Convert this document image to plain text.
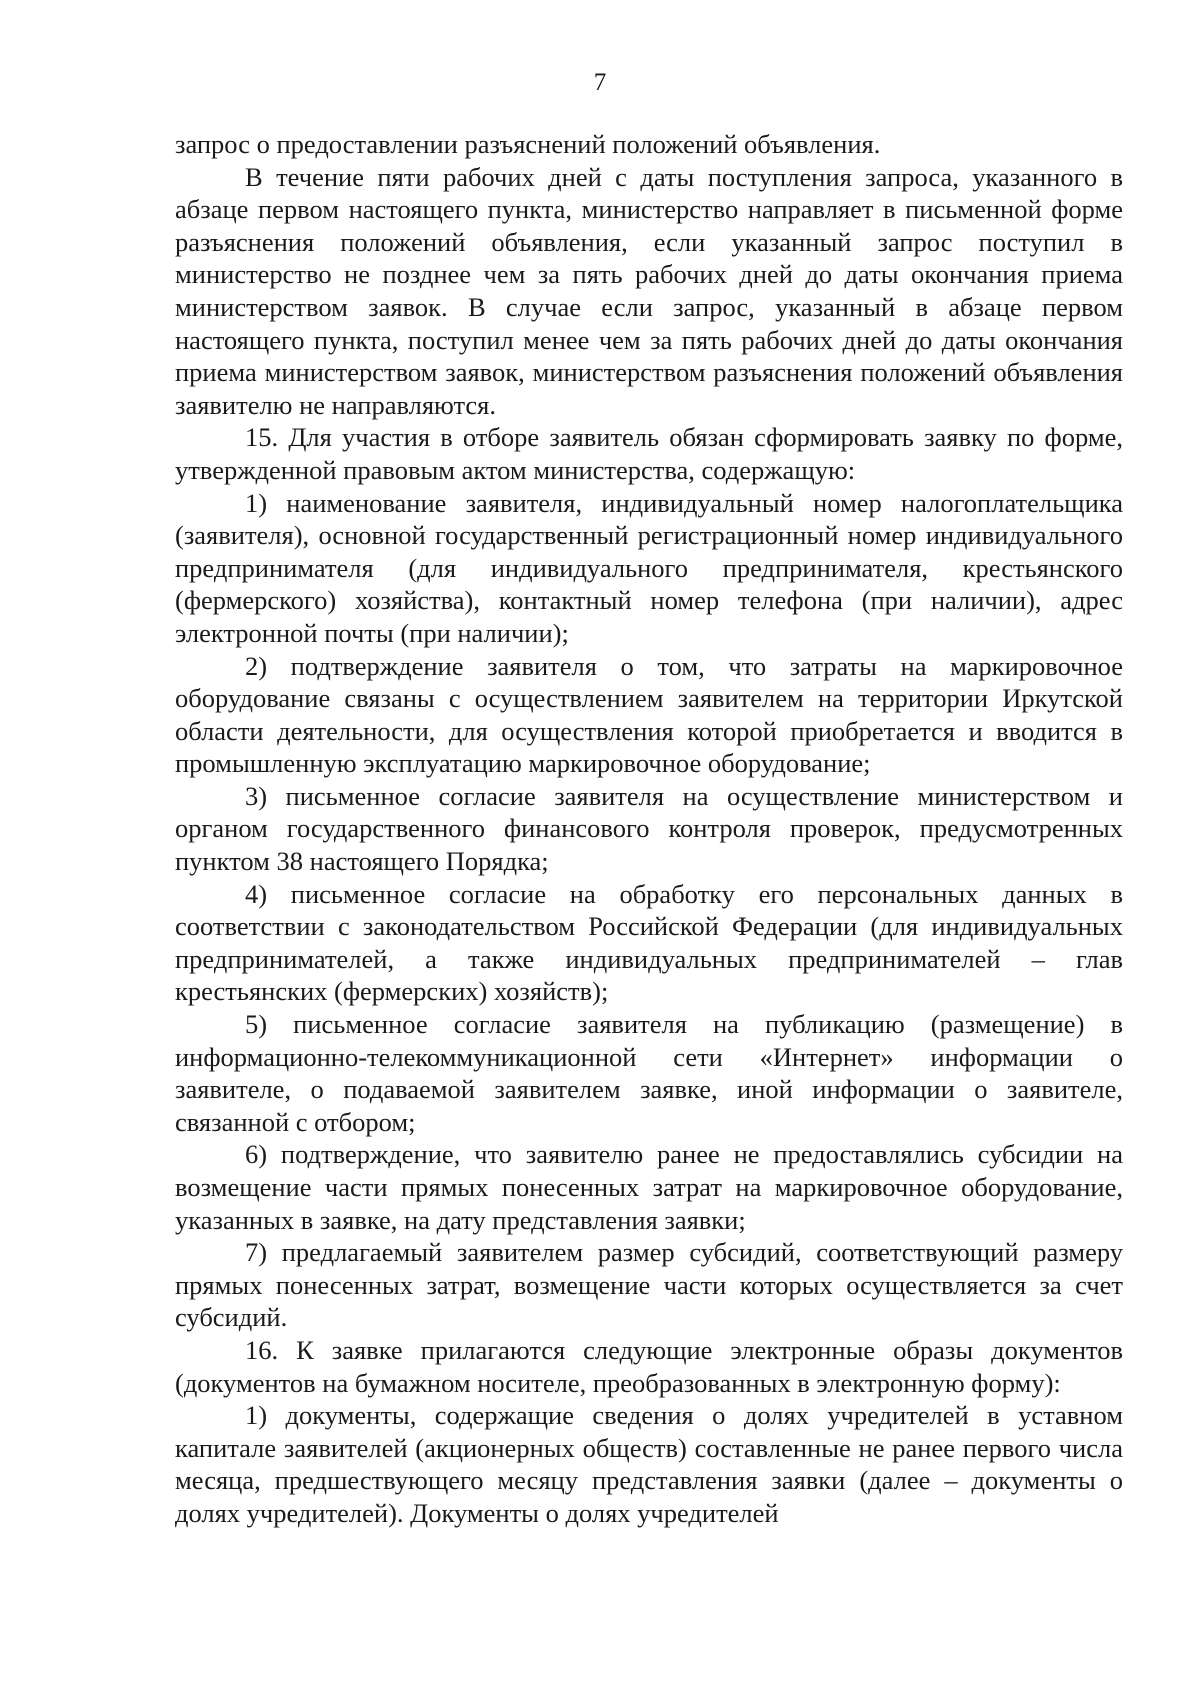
7

запрос о предоставлении разъяснений положений объявления.

В течение пяти рабочих дней с даты поступления запроса, указанного в абзаце первом настоящего пункта, министерство направляет в письменной форме разъяснения положений объявления, если указанный запрос поступил в министерство не позднее чем за пять рабочих дней до даты окончания приема министерством заявок. В случае если запрос, указанный в абзаце первом настоящего пункта, поступил менее чем за пять рабочих дней до даты окончания приема министерством заявок, министерством разъяснения положений объявления заявителю не направляются.

15. Для участия в отборе заявитель обязан сформировать заявку по форме, утвержденной правовым актом министерства, содержащую:

1) наименование заявителя, индивидуальный номер налогоплательщика (заявителя), основной государственный регистрационный номер индивидуального предпринимателя (для индивидуального предпринимателя, крестьянского (фермерского) хозяйства), контактный номер телефона (при наличии), адрес электронной почты (при наличии);

2) подтверждение заявителя о том, что затраты на маркировочное оборудование связаны с осуществлением заявителем на территории Иркутской области деятельности, для осуществления которой приобретается и вводится в промышленную эксплуатацию маркировочное оборудование;

3) письменное согласие заявителя на осуществление министерством и органом государственного финансового контроля проверок, предусмотренных пунктом 38 настоящего Порядка;

4) письменное согласие на обработку его персональных данных в соответствии с законодательством Российской Федерации (для индивидуальных предпринимателей, а также индивидуальных предпринимателей – глав крестьянских (фермерских) хозяйств);

5) письменное согласие заявителя на публикацию (размещение) в информационно-телекоммуникационной сети «Интернет» информации о заявителе, о подаваемой заявителем заявке, иной информации о заявителе, связанной с отбором;

6) подтверждение, что заявителю ранее не предоставлялись субсидии на возмещение части прямых понесенных затрат на маркировочное оборудование, указанных в заявке, на дату представления заявки;

7) предлагаемый заявителем размер субсидий, соответствующий размеру прямых понесенных затрат, возмещение части которых осуществляется за счет субсидий.

16. К заявке прилагаются следующие электронные образы документов (документов на бумажном носителе, преобразованных в электронную форму):

1) документы, содержащие сведения о долях учредителей в уставном капитале заявителей (акционерных обществ) составленные не ранее первого числа месяца, предшествующего месяцу представления заявки (далее – документы о долях учредителей). Документы о долях учредителей
